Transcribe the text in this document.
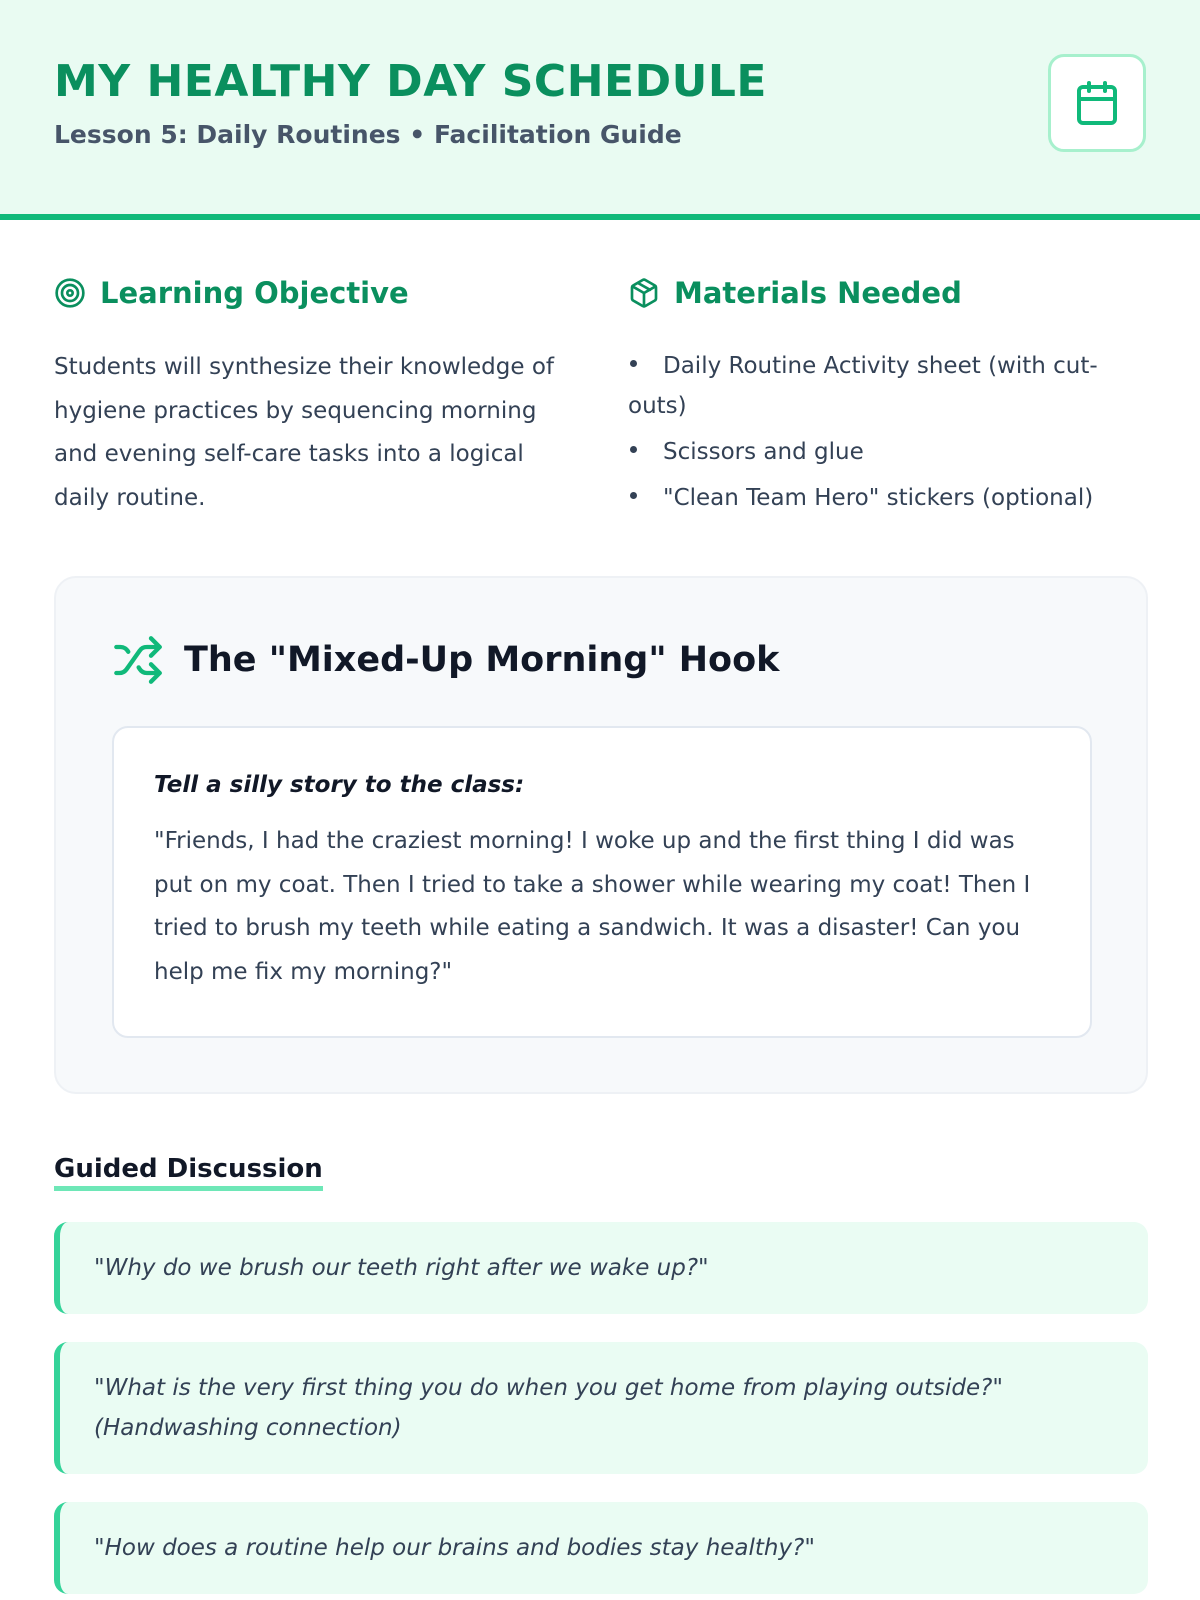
MY HEALTHY DAY SCHEDULE
Lesson 5: Daily Routines • Facilitation Guide
Learning Objective
Students will synthesize their knowledge of hygiene practices by sequencing morning and evening self-care tasks into a logical daily routine.
Materials Needed
Daily Routine Activity sheet (with cut-outs)
Scissors and glue
"Clean Team Hero" stickers (optional)
The "Mixed-Up Morning" Hook
Tell a silly story to the class:
"Friends, I had the craziest morning! I woke up and the first thing I did was put on my coat. Then I tried to take a shower while wearing my coat! Then I tried to brush my teeth while eating a sandwich. It was a disaster! Can you help me fix my morning?"
Guided Discussion
"Why do we brush our teeth right after we wake up?"
"What is the very first thing you do when you get home from playing outside?" (Handwashing connection)
"How does a routine help our brains and bodies stay healthy?"
